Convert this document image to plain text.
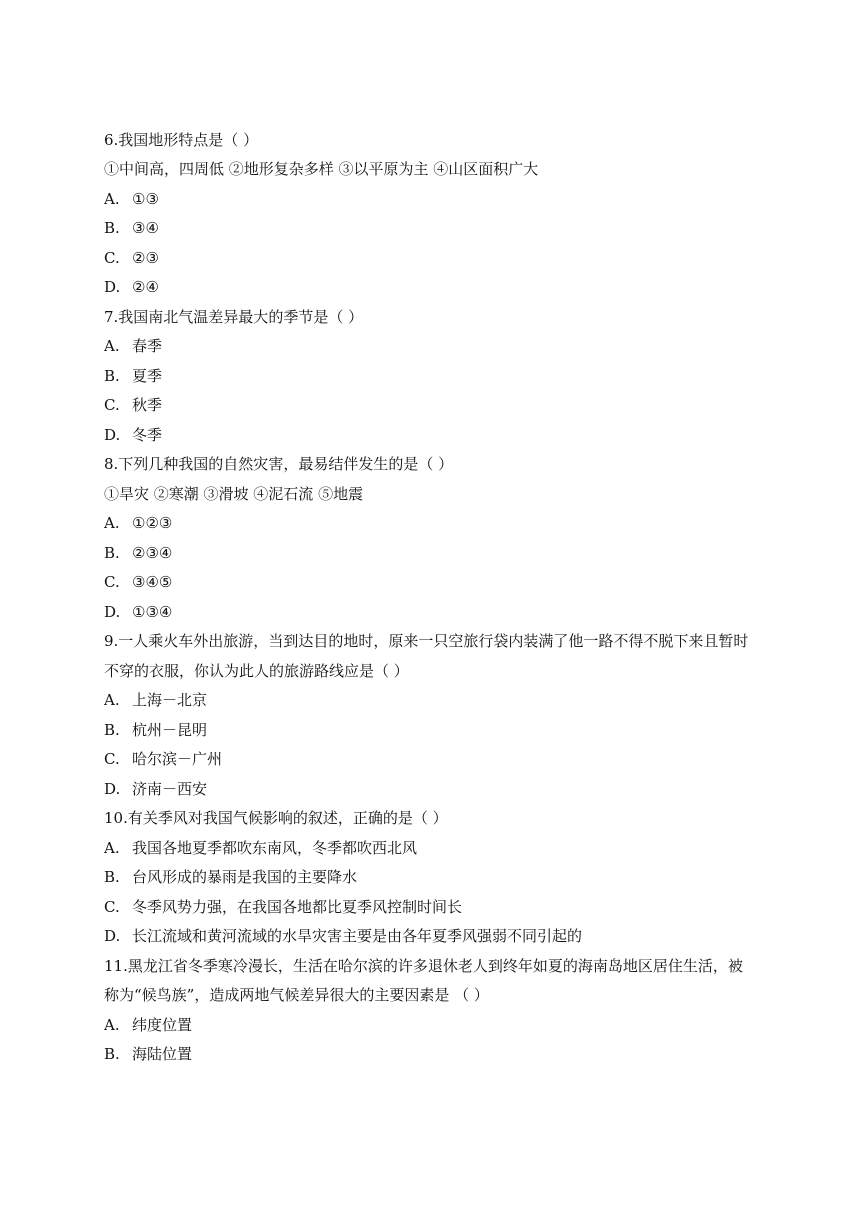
6.我国地形特点是（ ）
①中间高，四周低 ②地形复杂多样 ③以平原为主 ④山区面积广大
A. ①③
B. ③④
C. ②③
D. ②④
7.我国南北气温差异最大的季节是（ ）
A. 春季
B. 夏季
C. 秋季
D. 冬季
8.下列几种我国的自然灾害，最易结伴发生的是（ ）
①旱灾 ②寒潮 ③滑坡 ④泥石流 ⑤地震
A. ①②③
B. ②③④
C. ③④⑤
D. ①③④
9.一人乘火车外出旅游，当到达目的地时，原来一只空旅行袋内装满了他一路不得不脱下来且暂时
不穿的衣服，你认为此人的旅游路线应是（ ）
A. 上海－北京
B. 杭州－昆明
C. 哈尔滨－广州
D. 济南－西安
10.有关季风对我国气候影响的叙述，正确的是（ ）
A. 我国各地夏季都吹东南风，冬季都吹西北风
B. 台风形成的暴雨是我国的主要降水
C. 冬季风势力强，在我国各地都比夏季风控制时间长
D. 长江流域和黄河流域的水旱灾害主要是由各年夏季风强弱不同引起的
11.黑龙江省冬季寒冷漫长，生活在哈尔滨的许多退休老人到终年如夏的海南岛地区居住生活，被
称为“候鸟族”，造成两地气候差异很大的主要因素是 （ ）
A. 纬度位置
B. 海陆位置
